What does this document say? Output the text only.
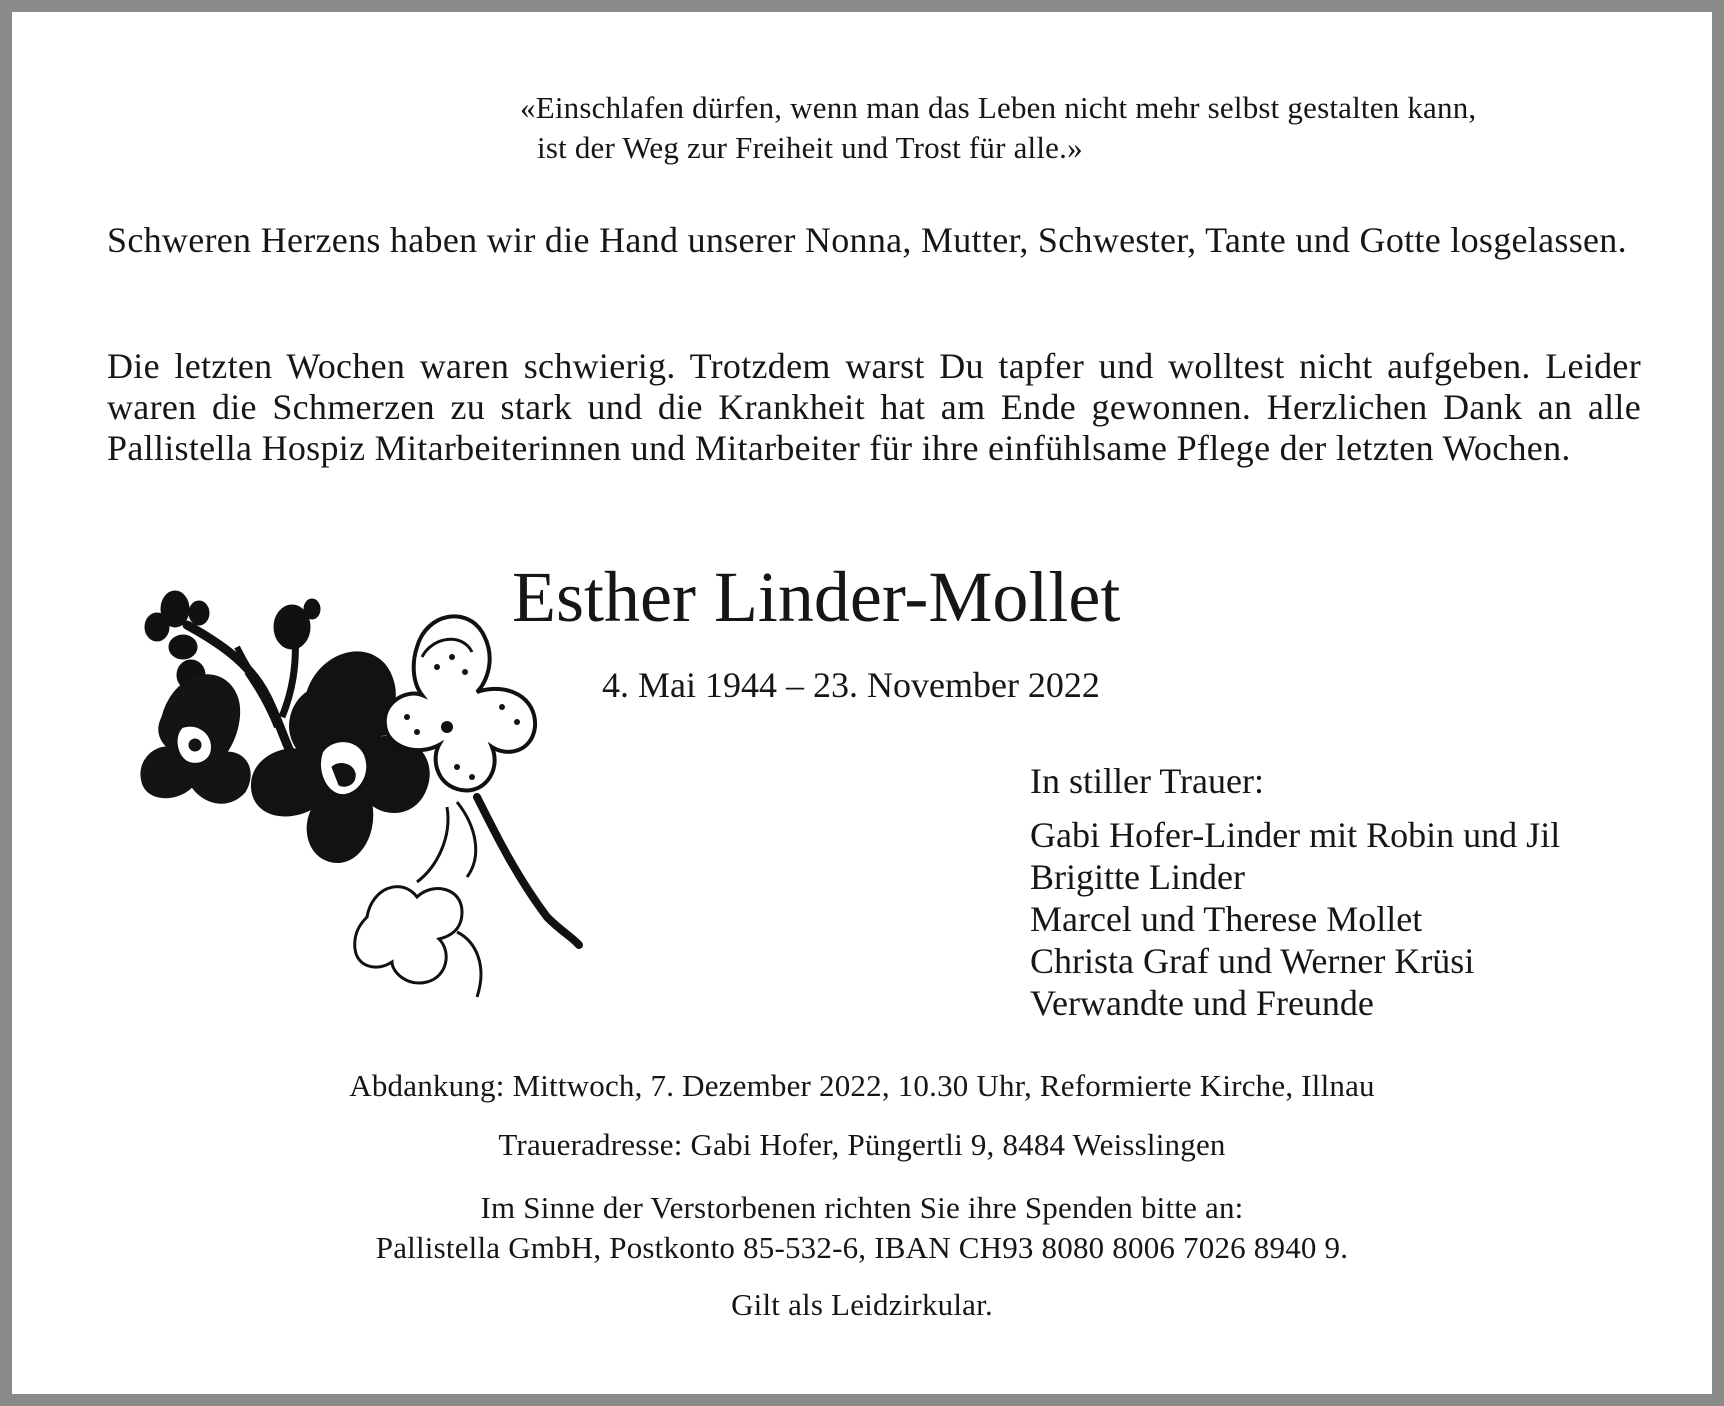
«Einschlafen dürfen, wenn man das Leben nicht mehr selbst gestalten kann,
ist der Weg zur Freiheit und Trost für alle.»
Schweren Herzens haben wir die Hand unserer Nonna, Mutter, Schwester, Tante und Gotte losgelassen.
Die letzten Wochen waren schwierig. Trotzdem warst Du tapfer und wolltest nicht aufgeben. Leider waren die Schmerzen zu stark und die Krankheit hat am Ende gewonnen. Herzlichen Dank an alle Pallistella Hospiz Mitarbeiterinnen und Mitarbeiter für ihre einfühlsame Pflege der letzten Wochen.
Esther Linder-Mollet
4. Mai 1944 – 23. November 2022
In stiller Trauer:
Gabi Hofer-Linder mit Robin und Jil
Brigitte Linder
Marcel und Therese Mollet
Christa Graf und Werner Krüsi
Verwandte und Freunde
Abdankung: Mittwoch, 7. Dezember 2022, 10.30 Uhr, Reformierte Kirche, Illnau
Traueradresse: Gabi Hofer, Püngertli 9, 8484 Weisslingen
Im Sinne der Verstorbenen richten Sie ihre Spenden bitte an:
Pallistella GmbH, Postkonto 85-532-6, IBAN CH93 8080 8006 7026 8940 9.
Gilt als Leidzirkular.
